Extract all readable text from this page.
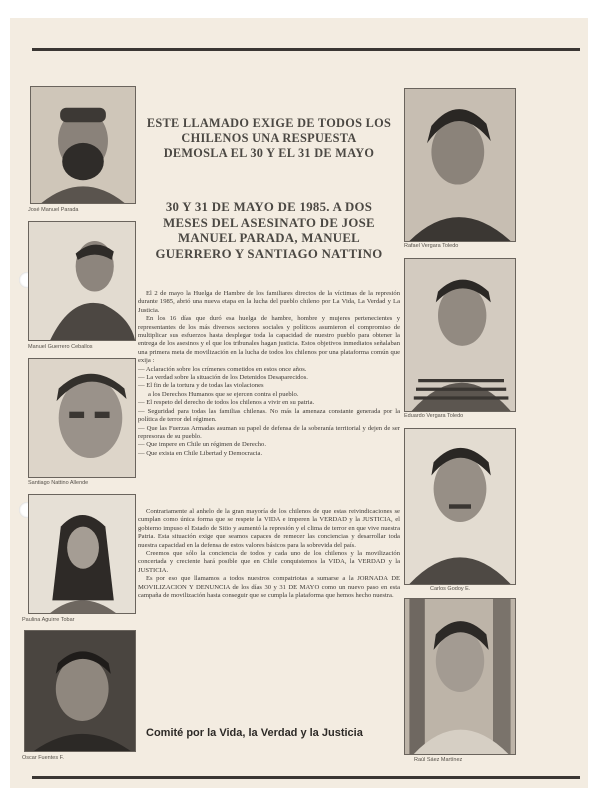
José Manuel Parada
Manuel Guerrero Ceballos
Santiago Nattino Allende
Paulina Aguirre Tobar
Oscar Fuentes F.
Rafael Vergara Toledo
Eduardo Vergara Toledo
Carlos Godoy E.
Raúl Sáez Martínez
ESTE LLAMADO EXIGE DE TODOS LOS
CHILENOS UNA RESPUESTA
DEMOSLA EL 30 Y EL 31 DE MAYO
30 Y 31 DE MAYO DE 1985. A DOS
MESES DEL ASESINATO DE JOSE
MANUEL PARADA, MANUEL
GUERRERO Y SANTIAGO NATTINO

El 2 de mayo la Huelga de Hambre de los familiares directos de la víctimas de la represión durante 1985, abrió una nueva etapa en la lucha del pueblo chileno por La Vida, La Verdad y La Justicia.

En los 16 días que duró esa huelga de hambre, hombre y mujeres pertenecientes y representantes de los más diversos sectores sociales y políticos asumieron el compromiso de multiplicar sus esfuerzos hasta desplegar toda la capacidad de nuestro pueblo para obtener la entrega de los asesinos y el que los tribunales hagan justicia. Estos objetivos inmediatos señalaban una primera meta de movilización en la lucha de todos los chilenos por una plataforma común que exija :

— Aclaración sobre los crímenes cometidos en estos once años.

— La verdad sobre la situación de los Detenidos Desaparecidos.

— El fin de la tortura y de todas las violaciones

a los Derechos Humanos que se ejercen contra el pueblo.

— El respeto del derecho de todos los chilenos a vivir en su patria.

— Seguridad para todas las familias chilenas. No más la amenaza constante generada por la política de terror del régimen.

— Que las Fuerzas Armadas asuman su papel de defensa de la soberanía territorial y dejen de ser represoras de su pueblo.

— Que impere en Chile un régimen de Derecho.

— Que exista en Chile Libertad y Democracia.

Contrariamente al anhelo de la gran mayoría de los chilenos de que estas reivindicaciones se cumplan como única forma que se respete la VIDA e imperen la VERDAD y la JUSTICIA, el gobierno impuso el Estado de Sitio y aumentó la represión y el clima de terror en que vive nuestra Patria. Esta situación exige que seamos capaces de remecer las conciencias y desarrollar toda nuestra capacidad en la defensa de estos valores básicos para la sobrevida del país.

Creemos que sólo la conciencia de todos y cada uno de los chilenos y la movilización concertada y creciente hará posible que en Chile conquistemos la VIDA, la VERDAD y la JUSTICIA.

Es por eso que llamamos a todos nuestros compatriotas a sumarse a la JORNADA DE MOVILIZACION Y DENUNCIA de los días 30 y 31 DE MAYO como un nuevo paso en esta campaña de movilización hasta conseguir que se cumpla la plataforma que hemos hecho nuestra.

Comité por la Vida, la Verdad y la Justicia
